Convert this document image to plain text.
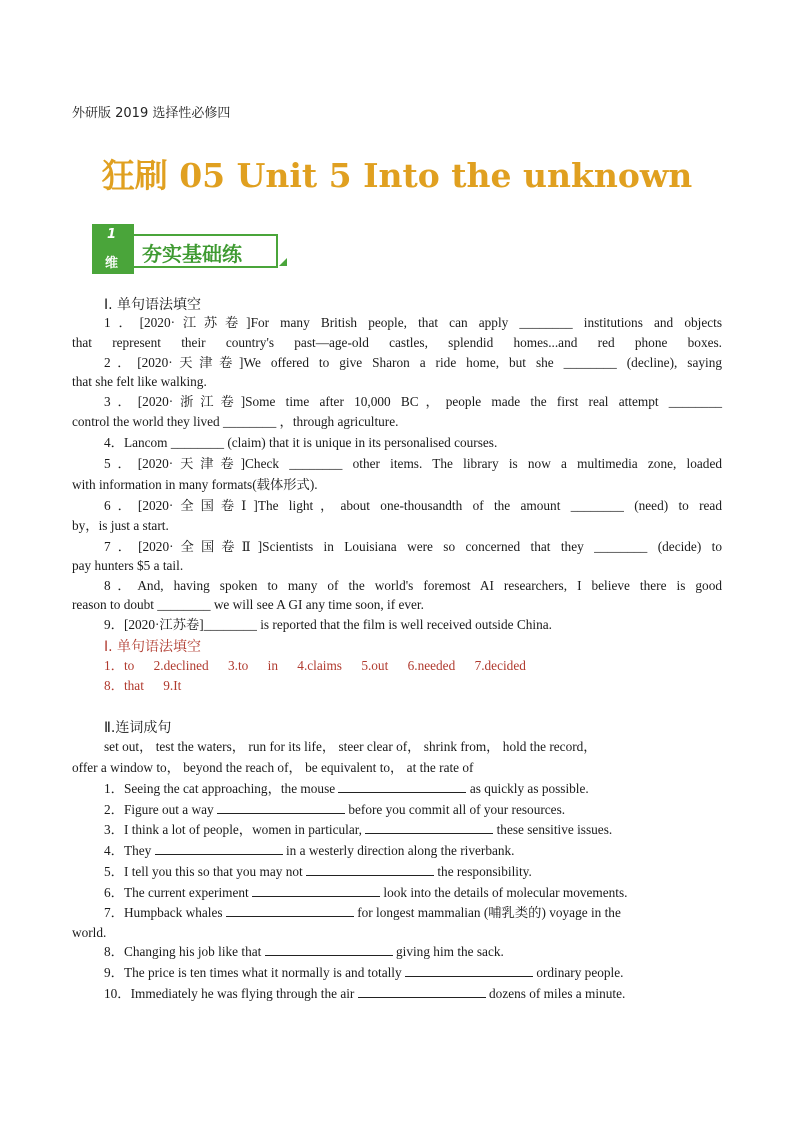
外研版 2019 选择性必修四
狂刷 05 Unit 5 Into the unknown
1
维 夯实基础练
Ⅰ. 单句语法填空
1．[2020·江苏卷]For many British people, that can apply ________ institutions and objects
that represent their country's past—age-old castles, splendid homes...and red phone boxes.
2．[2020·天津卷]We offered to give Sharon a ride home, but she ________ (decline), saying
that she felt like walking.
3．[2020·浙江卷]Some time after 10,000 BC，people made the first real attempt ________
control the world they lived ________ ，through agriculture.
4．Lancom ________ (claim) that it is unique in its personalised courses.
5．[2020·天津卷]Check ________ other items. The library is now a multimedia zone, loaded
with information in many formats(载体形式).
6．[2020·全国卷Ⅰ]The light，about one-thousandth of the amount ________ (need) to read
by，is just a start.
7．[2020·全国卷Ⅱ]Scientists in Louisiana were so concerned that they ________ (decide) to
pay hunters $5 a tail.
8．And, having spoken to many of the world's foremost AI researchers, I believe there is good
reason to doubt ________ we will see A GI any time soon, if ever.
9．[2020·江苏卷]________ is reported that the film is well received outside China.
Ⅰ. 单句语法填空
1．to 2.declined 3.to in 4.claims 5.out 6.needed 7.decided
8．that 9.It
Ⅱ.连词成句
set out， test the waters， run for its life， steer clear of， shrink from， hold the record，
offer a window to， beyond the reach of， be equivalent to， at the rate of
1．Seeing the cat approaching，the mouse	as quickly as possible.
2．Figure out a way	before you commit all of your resources.
3．I think a lot of people，women in particular,	these sensitive issues.
4．They	in a westerly direction along the riverbank.
5．I tell you this so that you may not	the responsibility.
6．The current experiment	look into the details of molecular movements.
7．Humpback whales	for longest mammalian (哺乳类的) voyage in the
world.
8．Changing his job like that	giving him the sack.
9．The price is ten times what it normally is and totally	ordinary people.
10．Immediately he was flying through the air	dozens of miles a minute.
